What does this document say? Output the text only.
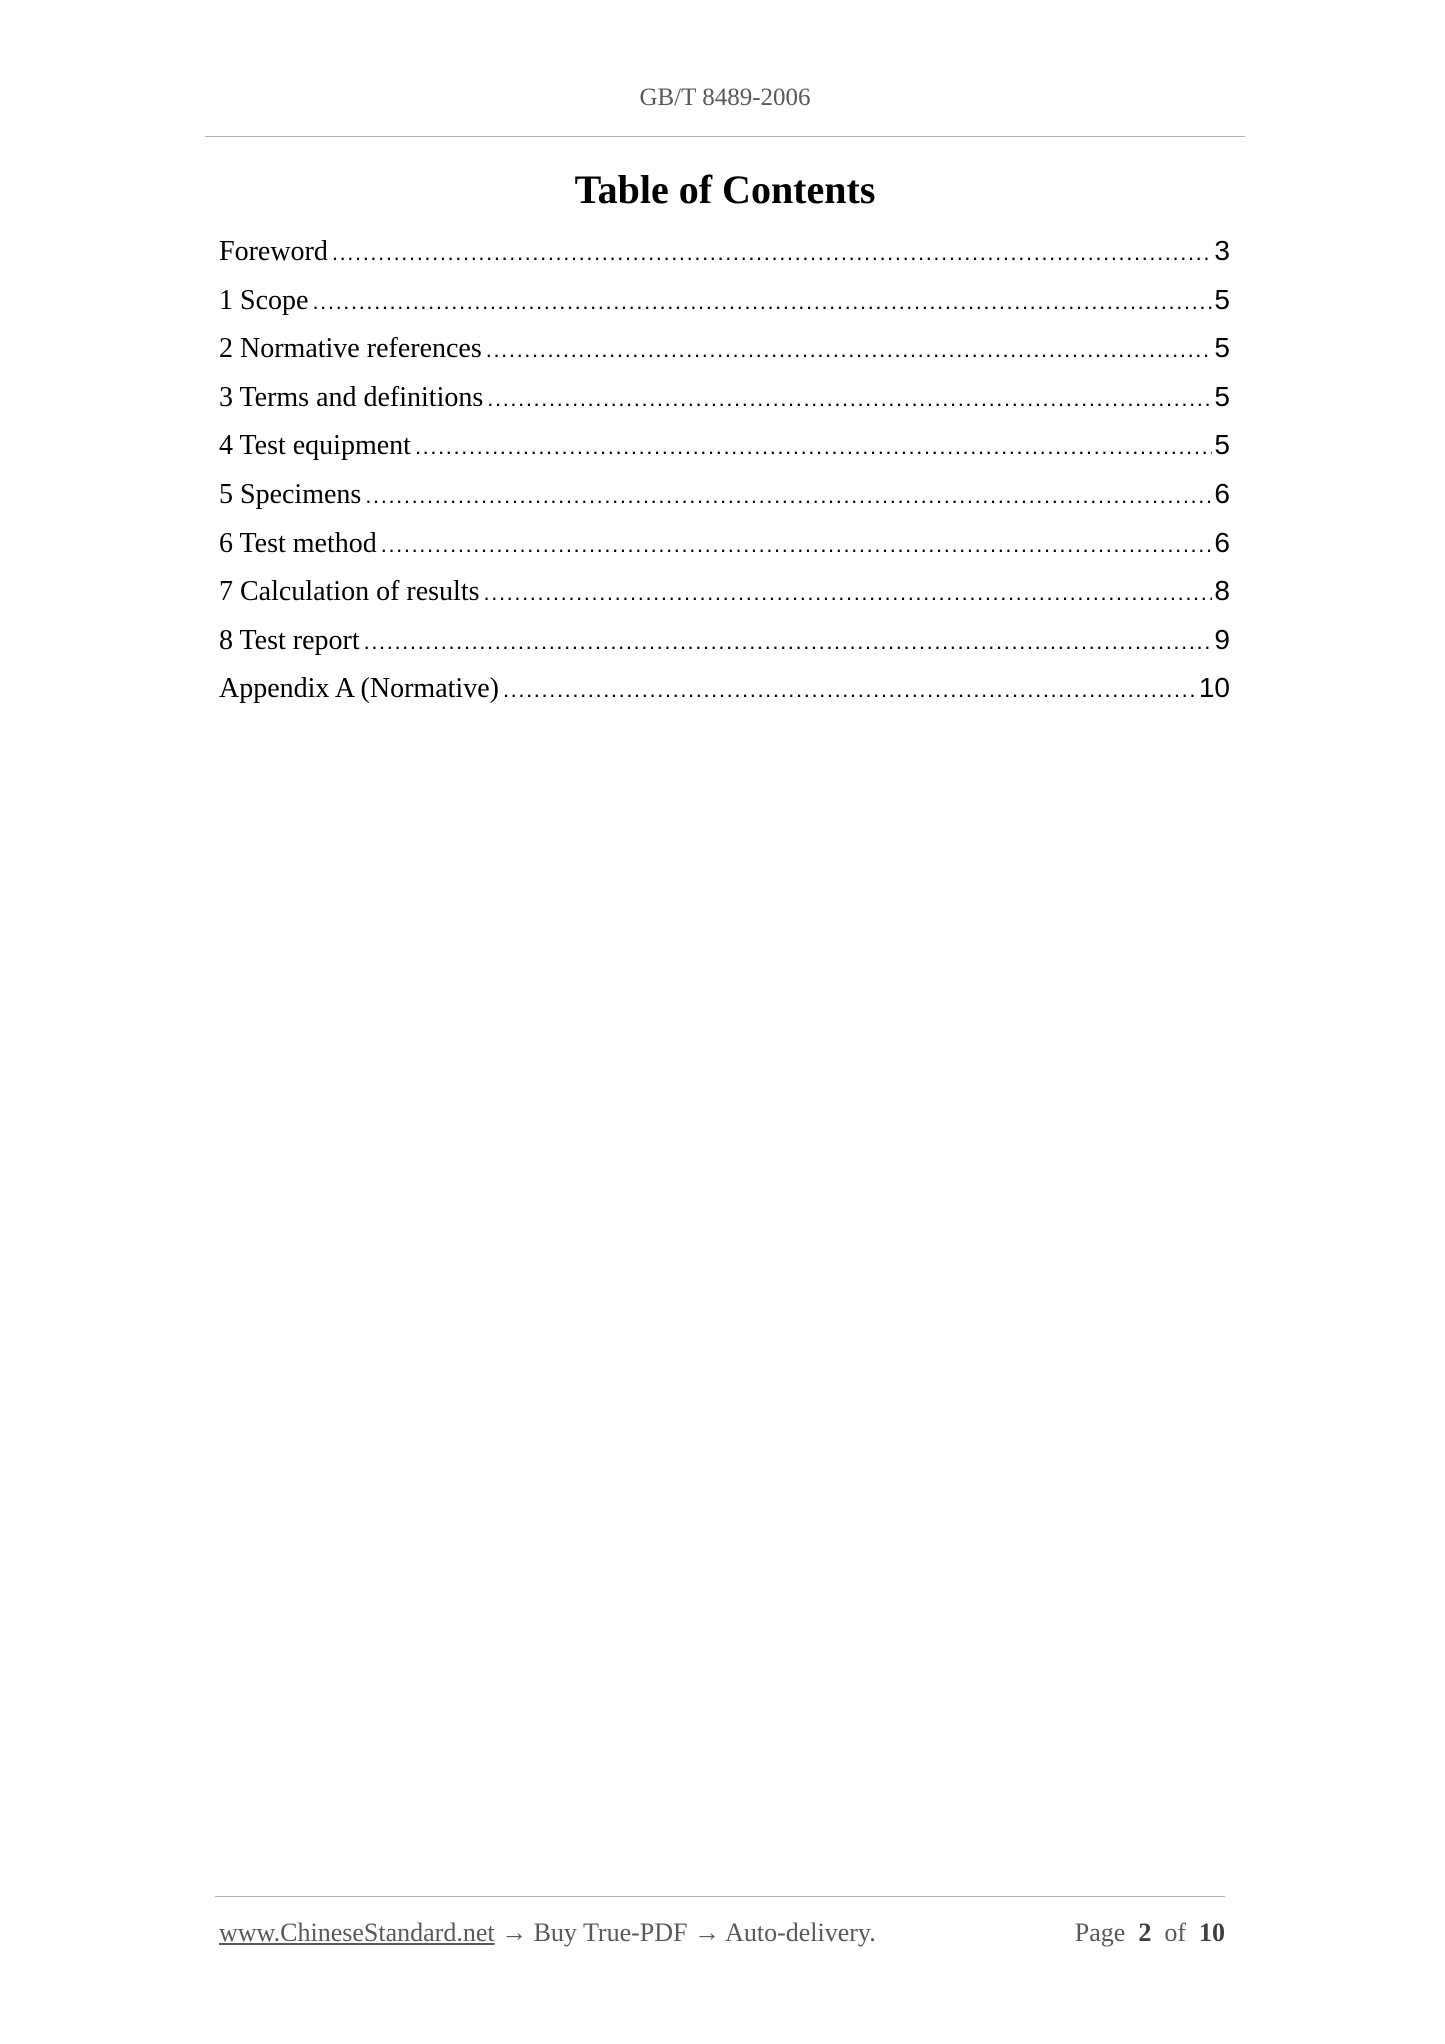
GB/T 8489-2006
Table of Contents
Foreword .....	3
1 Scope .....	5
2 Normative references .....	5
3 Terms and definitions .....	5
4 Test equipment .....	5
5 Specimens .....	6
6 Test method .....	6
7 Calculation of results .....	8
8 Test report .....	9
Appendix A (Normative) .....	10
www.ChineseStandard.net → Buy True-PDF → Auto-delivery.	Page 2 of 10
